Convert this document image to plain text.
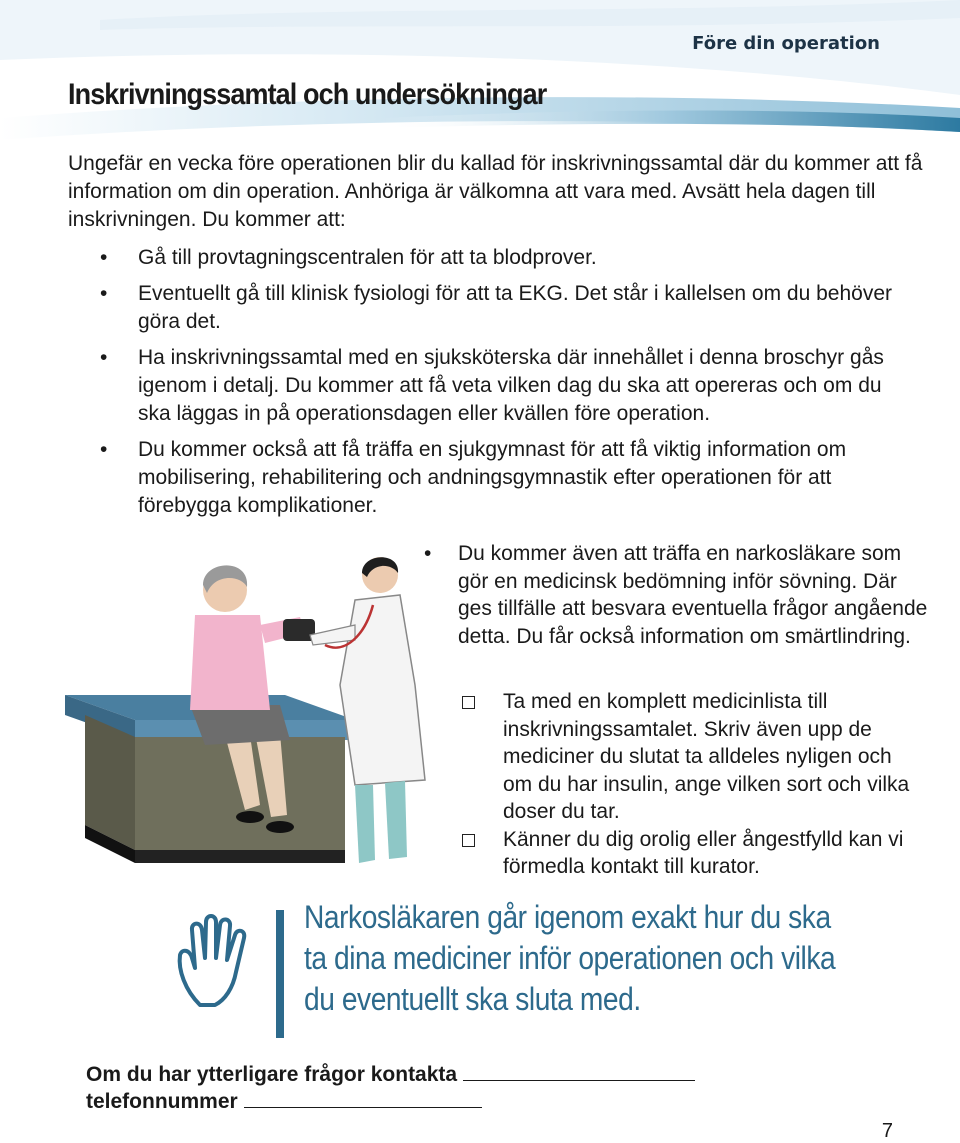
Före din operation
Inskrivningssamtal och undersökningar

Ungefär en vecka före operationen blir du kallad för inskrivningssamtal där du kommer att få information om din operation. Anhöriga är välkomna att vara med. Avsätt hela dagen till inskrivningen. Du kommer att:

• Gå till provtagningscentralen för att ta blodprover.
• Eventuellt gå till klinisk fysiologi för att ta EKG. Det står i kallelsen om du behöver göra det.
• Ha inskrivningssamtal med en sjuksköterska där innehållet i denna broschyr gås igenom i detalj. Du kommer att få veta vilken dag du ska att opereras och om du ska läggas in på operationsdagen eller kvällen före operation.
• Du kommer också att få träffa en sjukgymnast för att få viktig information om mobilisering, rehabilitering och andningsgymnastik efter operationen för att förebygga komplikationer.
• Du kommer även att träffa en narkosläkare som gör en medicinsk bedömning inför sövning. Där ges tillfälle att besvara eventuella frågor angående detta. Du får också information om smärtlindring.
Ta med en komplett medicinlista till inskrivningssamtalet. Skriv även upp de mediciner du slutat ta alldeles nyligen och om du har insulin, ange vilken sort och vilka doser du tar.
Känner du dig orolig eller ångestfylld kan vi förmedla kontakt till kurator.

Narkosläkaren går igenom exakt hur du ska ta dina mediciner inför operationen och vilka du eventuellt ska sluta med.

Om du har ytterligare frågor kontakta
telefonnummer
7
